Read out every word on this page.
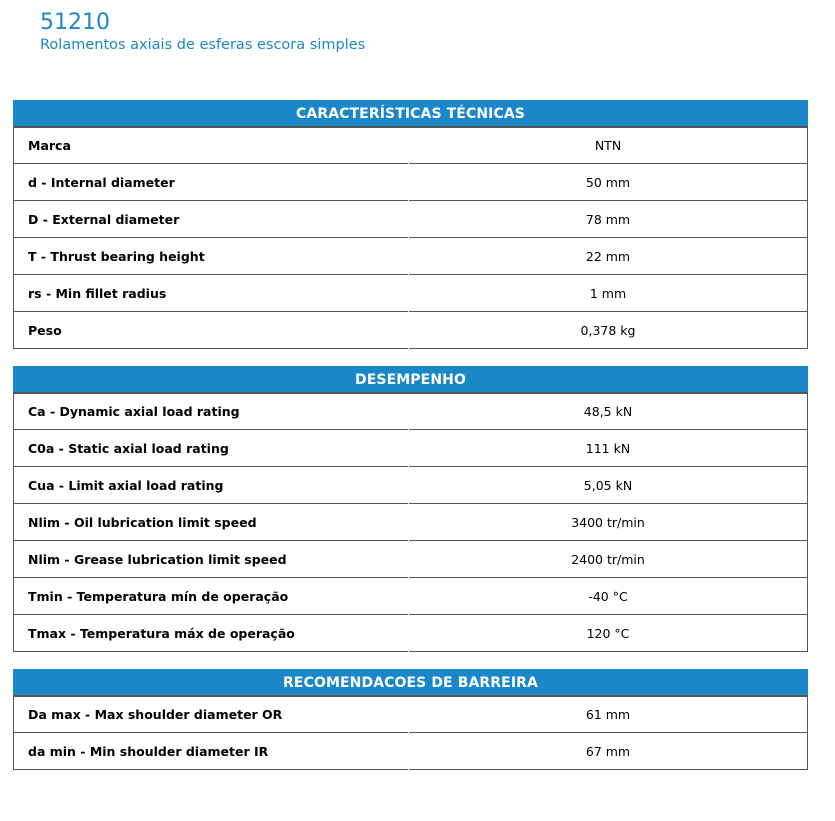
51210
Rolamentos axiais de esferas escora simples
CARACTERÍSTICAS TÉCNICAS
Marca	NTN
d - Internal diameter	50 mm
D - External diameter	78 mm
T - Thrust bearing height	22 mm
rs - Min fillet radius	1 mm
Peso	0,378 kg
DESEMPENHO
Ca - Dynamic axial load rating	48,5 kN
C0a - Static axial load rating	111 kN
Cua - Limit axial load rating	5,05 kN
Nlim - Oil lubrication limit speed	3400 tr/min
Nlim - Grease lubrication limit speed	2400 tr/min
Tmin - Temperatura mín de operação	-40 °C
Tmax - Temperatura máx de operação	120 °C
RECOMENDACOES DE BARREIRA
Da max - Max shoulder diameter OR	61 mm
da min - Min shoulder diameter IR	67 mm
